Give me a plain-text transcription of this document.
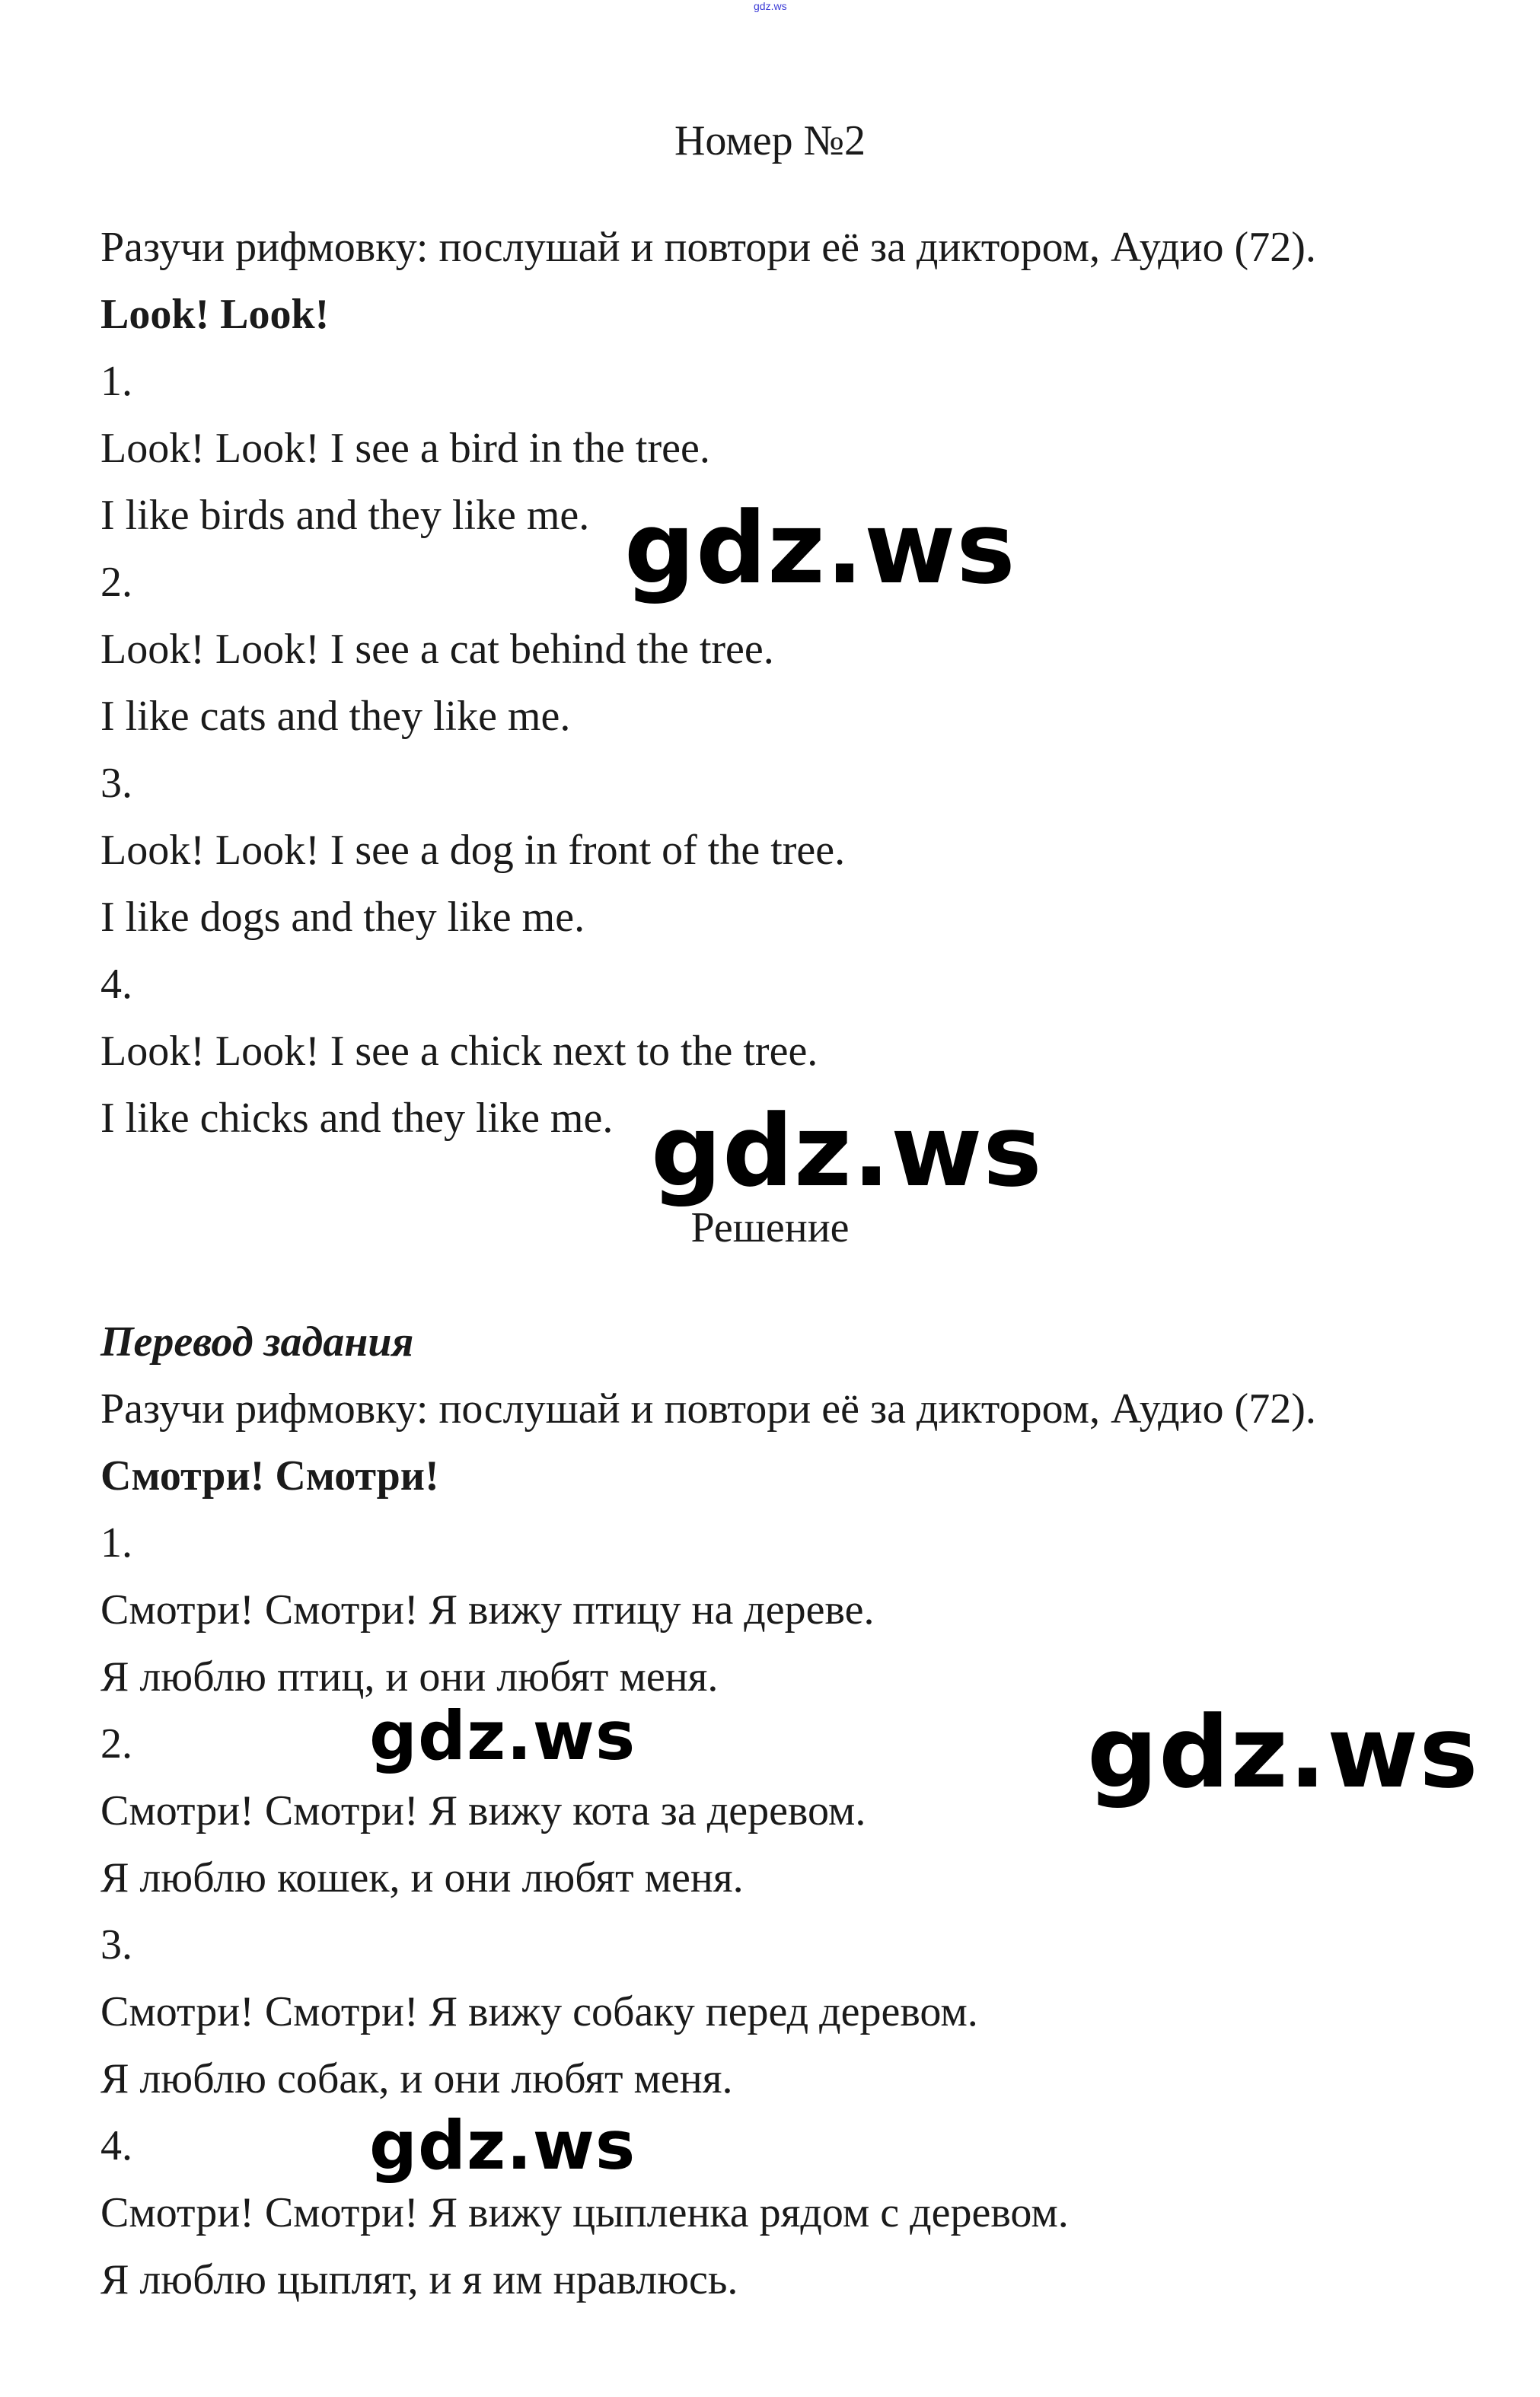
gdz.ws
Номер №2
Разучи рифмовку: послушай и повтори её за диктором, Аудио (72).
Look! Look!
1.
Look! Look! I see a bird in the tree.
I like birds and they like me.
2.
Look! Look! I see a cat behind the tree.
I like cats and they like me.
3.
Look! Look! I see a dog in front of the tree.
I like dogs and they like me.
4.
Look! Look! I see a chick next to the tree.
I like chicks and they like me.
Решение
Перевод задания
Разучи рифмовку: послушай и повтори её за диктором, Аудио (72).
Смотри! Смотри!
1.
Смотри! Смотри! Я вижу птицу на дереве.
Я люблю птиц, и они любят меня.
2.
Смотри! Смотри! Я вижу кота за деревом.
Я люблю кошек, и они любят меня.
3.
Смотри! Смотри! Я вижу собаку перед деревом.
Я люблю собак, и они любят меня.
4.
Смотри! Смотри! Я вижу цыпленка рядом с деревом.
Я люблю цыплят, и я им нравлюсь.
gdz.ws
gdz.ws
gdz.ws	gdz.ws
gdz.ws
